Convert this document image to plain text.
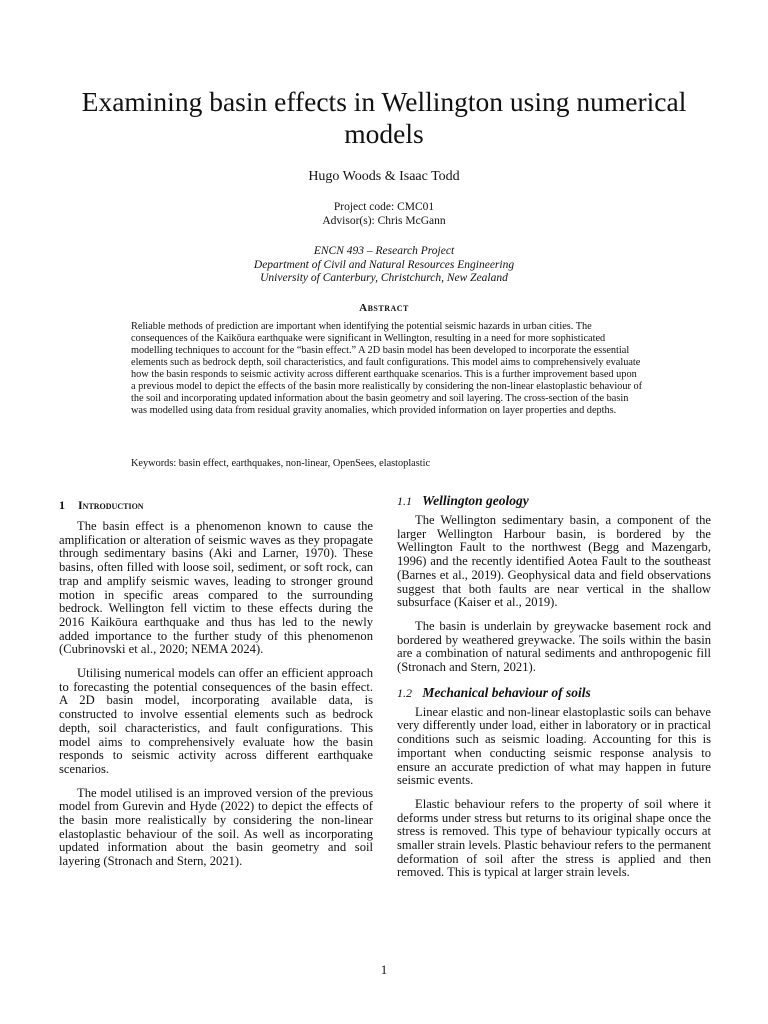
Examining basin effects in Wellington using numerical models
Hugo Woods & Isaac Todd
Project code: CMC01
Advisor(s): Chris McGann
ENCN 493 – Research Project
Department of Civil and Natural Resources Engineering
University of Canterbury, Christchurch, New Zealand
Abstract

Reliable methods of prediction are important when identifying the potential seismic hazards in urban cities. The consequences of the Kaikōura earthquake were significant in Wellington, resulting in a need for more sophisticated modelling techniques to account for the “basin effect.” A 2D basin model has been developed to incorporate the essential elements such as bedrock depth, soil characteristics, and fault configurations. This model aims to comprehensively evaluate how the basin responds to seismic activity across different earthquake scenarios. This is a further improvement based upon a previous model to depict the effects of the basin more realistically by considering the non-linear elastoplastic behaviour of the soil and incorporating updated information about the basin geometry and soil layering. The cross-section of the basin was modelled using data from residual gravity anomalies, which provided information on layer properties and depths.

Keywords: basin effect, earthquakes, non-linear, OpenSees, elastoplastic
1 Introduction

The basin effect is a phenomenon known to cause the amplification or alteration of seismic waves as they propagate through sedimentary basins (Aki and Larner, 1970). These basins, often filled with loose soil, sediment, or soft rock, can trap and amplify seismic waves, leading to stronger ground motion in specific areas compared to the surrounding bedrock. Wellington fell victim to these effects during the 2016 Kaikōura earthquake and thus has led to the newly added importance to the further study of this phenomenon (Cubrinovski et al., 2020; NEMA 2024).

Utilising numerical models can offer an efficient approach to forecasting the potential consequences of the basin effect. A 2D basin model, incorporating available data, is constructed to involve essential elements such as bedrock depth, soil characteristics, and fault configurations. This model aims to comprehensively evaluate how the basin responds to seismic activity across different earthquake scenarios.

The model utilised is an improved version of the previous model from Gurevin and Hyde (2022) to depict the effects of the basin more realistically by considering the non-linear elastoplastic behaviour of the soil. As well as incorporating updated information about the basin geometry and soil layering (Stronach and Stern, 2021).

1.1 Wellington geology

The Wellington sedimentary basin, a component of the larger Wellington Harbour basin, is bordered by the Wellington Fault to the northwest (Begg and Mazengarb, 1996) and the recently identified Aotea Fault to the southeast (Barnes et al., 2019). Geophysical data and field observations suggest that both faults are near vertical in the shallow subsurface (Kaiser et al., 2019).

The basin is underlain by greywacke basement rock and bordered by weathered greywacke. The soils within the basin are a combination of natural sediments and anthropogenic fill (Stronach and Stern, 2021).

1.2 Mechanical behaviour of soils

Linear elastic and non-linear elastoplastic soils can behave very differently under load, either in laboratory or in practical conditions such as seismic loading. Accounting for this is important when conducting seismic response analysis to ensure an accurate prediction of what may happen in future seismic events.

Elastic behaviour refers to the property of soil where it deforms under stress but returns to its original shape once the stress is removed. This type of behaviour typically occurs at smaller strain levels. Plastic behaviour refers to the permanent deformation of soil after the stress is applied and then removed. This is typical at larger strain levels.

1
